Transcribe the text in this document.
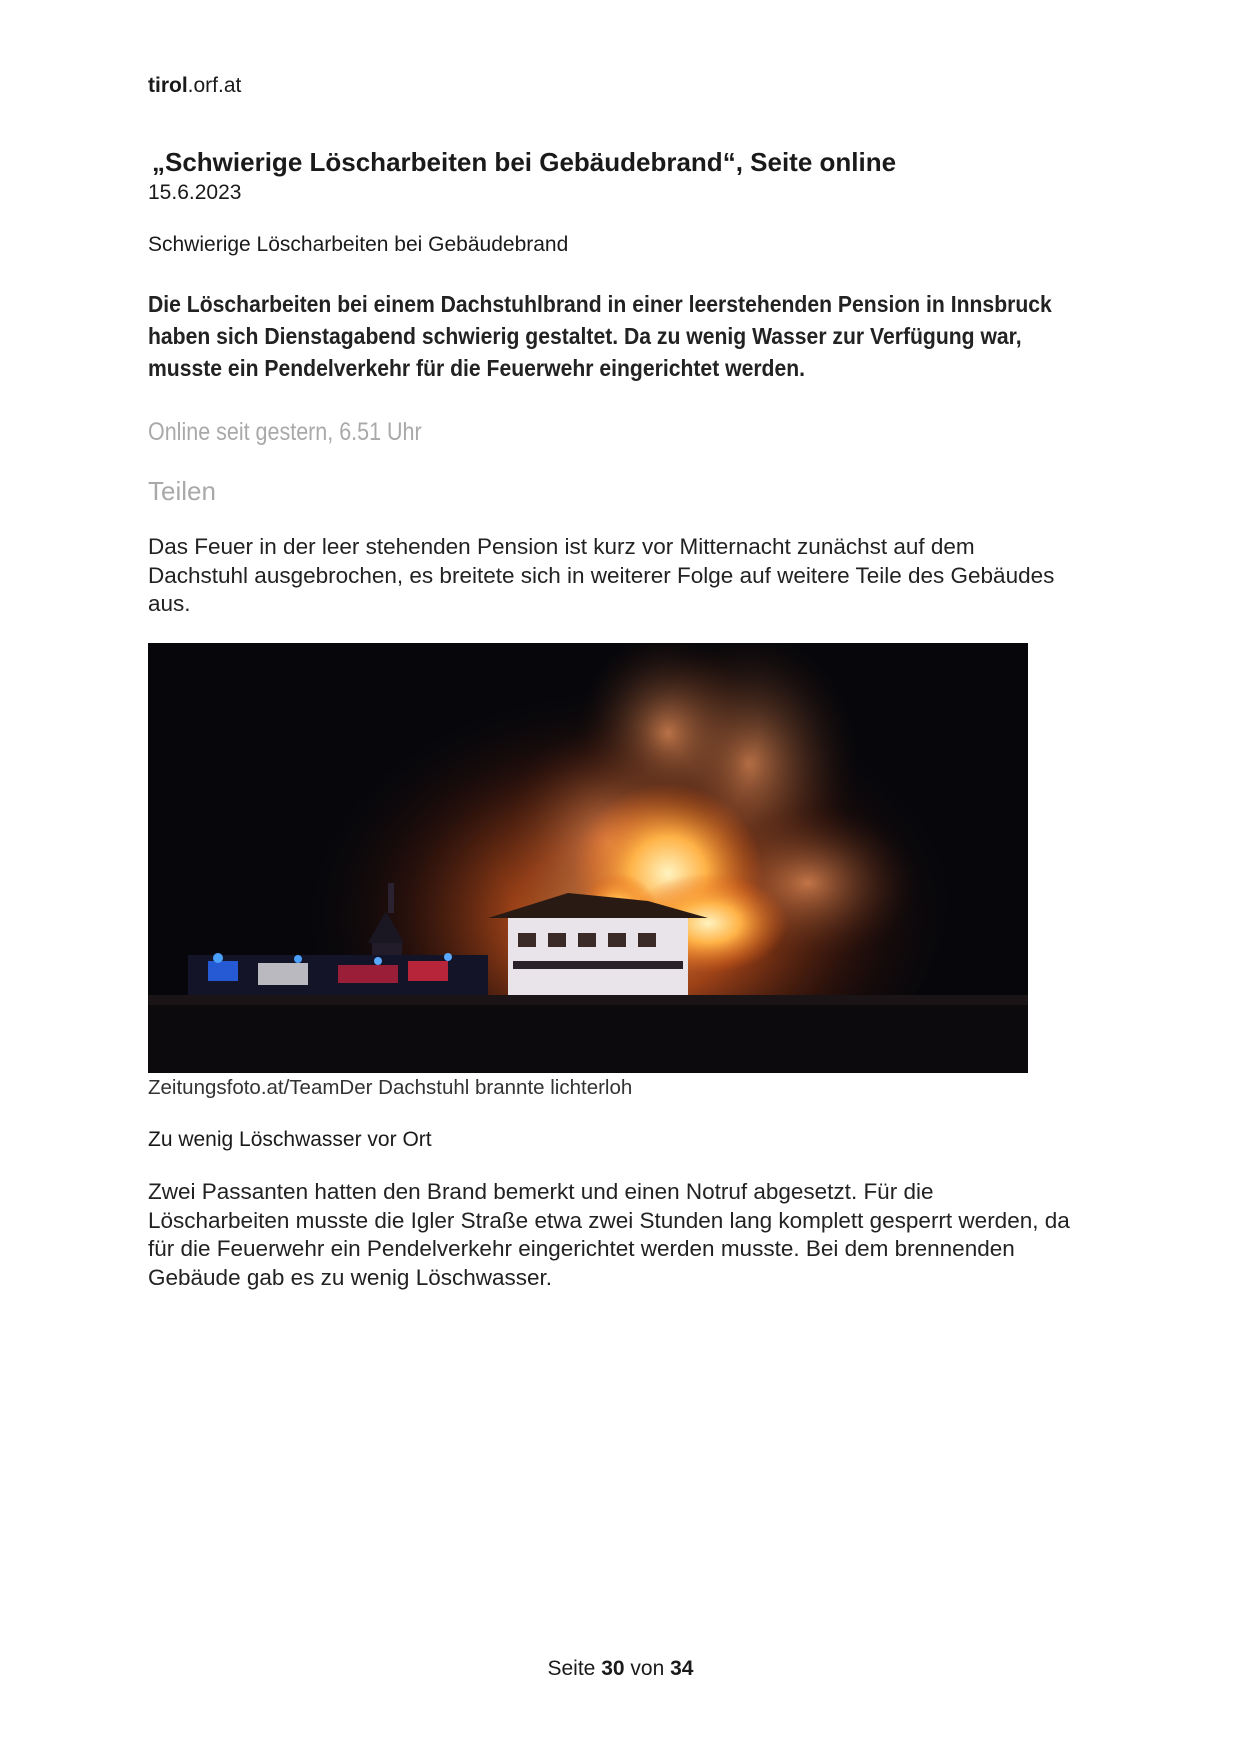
tirol.orf.at
„Schwierige Löscharbeiten bei Gebäudebrand“, Seite online
15.6.2023
Schwierige Löscharbeiten bei Gebäudebrand
Die Löscharbeiten bei einem Dachstuhlbrand in einer leerstehenden Pension in Innsbruck haben sich Dienstagabend schwierig gestaltet. Da zu wenig Wasser zur Verfügung war, musste ein Pendelverkehr für die Feuerwehr eingerichtet werden.
Online seit gestern, 6.51 Uhr
Teilen
Das Feuer in der leer stehenden Pension ist kurz vor Mitternacht zunächst auf dem Dachstuhl ausgebrochen, es breitete sich in weiterer Folge auf weitere Teile des Gebäudes aus.
Zeitungsfoto.at/TeamDer Dachstuhl brannte lichterloh
Zu wenig Löschwasser vor Ort
Zwei Passanten hatten den Brand bemerkt und einen Notruf abgesetzt. Für die Löscharbeiten musste die Igler Straße etwa zwei Stunden lang komplett gesperrt werden, da für die Feuerwehr ein Pendelverkehr eingerichtet werden musste. Bei dem brennenden Gebäude gab es zu wenig Löschwasser.
Seite 30 von 34
